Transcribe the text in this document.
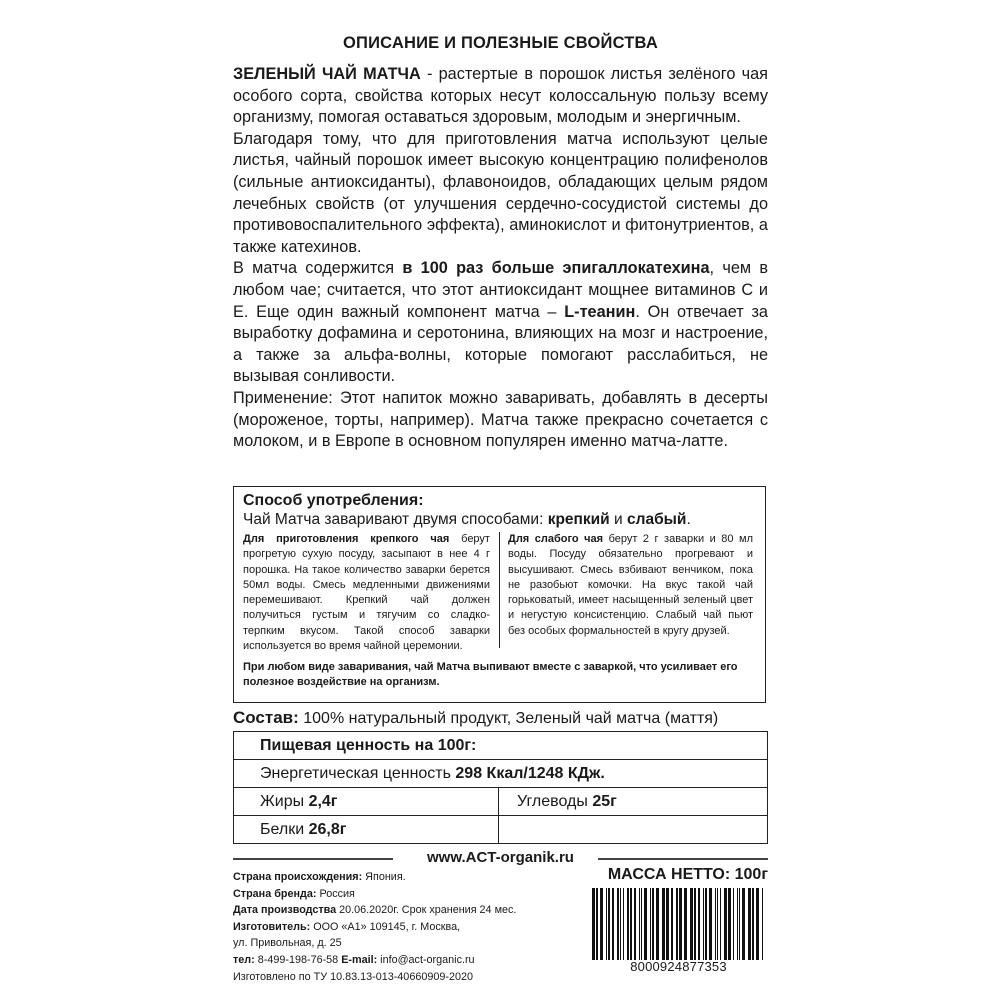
ОПИСАНИЕ И ПОЛЕЗНЫЕ СВОЙСТВА

ЗЕЛЕНЫЙ ЧАЙ МАТЧА - растертые в порошок листья зелёного чая особого сорта, свойства которых несут колоссальную пользу всему организму, помогая оставаться здоровым, молодым и энергичным.

Благодаря тому, что для приготовления матча используют целые листья, чайный порошок имеет высокую концентрацию полифенолов (сильные антиоксиданты), флавоноидов, обладающих целым рядом лечебных свойств (от улучшения сердечно-сосудистой системы до противовоспалительного эффекта), аминокислот и фитонутриентов, а также катехинов.

В матча содержится в 100 раз больше эпигаллокатехина, чем в любом чае; считается, что этот антиоксидант мощнее витаминов С и Е. Еще один важный компонент матча – L-теанин. Он отвечает за выработку дофамина и серотонина, влияющих на мозг и настроение, а также за альфа-волны, которые помогают расслабиться, не вызывая сонливости.

Применение: Этот напиток можно заваривать, добавлять в десерты (мороженое, торты, например). Матча также прекрасно сочетается с молоком, и в Европе в основном популярен именно матча-латте.

Способ употребления:
Чай Матча заваривают двумя способами: крепкий и слабый.
Для приготовления крепкого чая берут прогретую сухую посуду, засыпают в нее 4 г порошка. На такое количество заварки берется 50мл воды. Смесь медленными движениями перемешивают. Крепкий чай должен получиться густым и тягучим со сладко-терпким вкусом. Такой способ заварки используется во время чайной церемонии.
Для слабого чая берут 2 г заварки и 80 мл воды. Посуду обязательно прогревают и высушивают. Смесь взбивают венчиком, пока не разобьют комочки. На вкус такой чай горьковатый, имеет насыщенный зеленый цвет и негустую консистенцию. Слабый чай пьют без особых формальностей в кругу друзей.
При любом виде заваривания, чай Матча выпивают вместе с заваркой, что усиливает его полезное воздействие на организм.
Состав: 100% натуральный продукт, Зеленый чай матча (маття)
Пищевая ценность на 100г:	
Энергетическая ценность 298 Ккал/1248 КДж.	
Жиры 2,4г	Углеводы 25г
Белки 26,8г	
www.ACT-organik.ru
Страна происхождения: Япония.
Страна бренда: Россия
Дата производства 20.06.2020г. Срок хранения 24 мес.
Изготовитель: ООО «А1» 109145, г. Москва,
ул. Привольная, д. 25
тел: 8-499-198-76-58 E-mail: info@act-organic.ru
Изготовлено по ТУ 10.83.13-013-40660909-2020
МАССА НЕТТО: 100г
8000924877353
